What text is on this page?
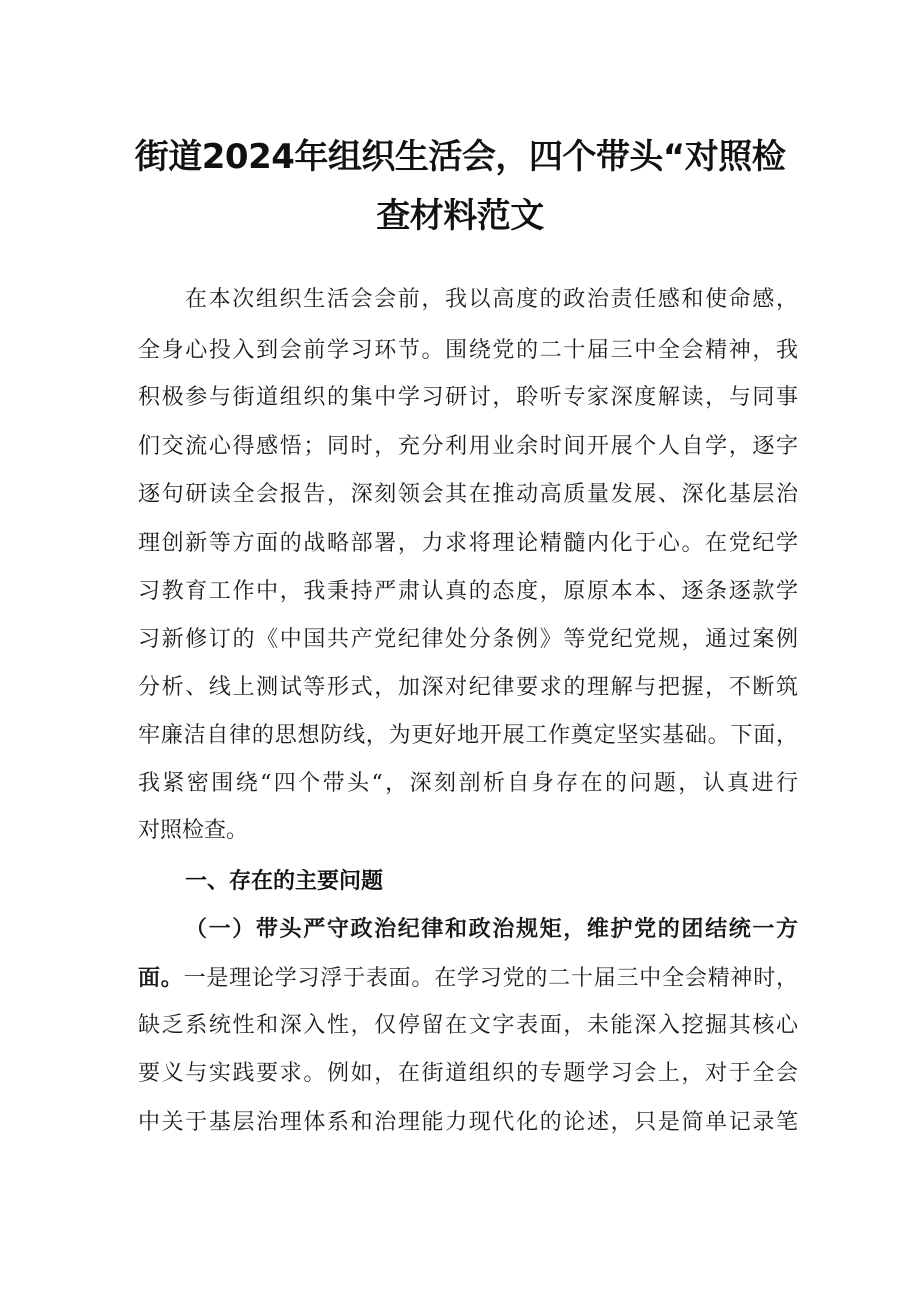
街道2024年组织生活会，四个带头“对照检
查材料范文
在本次组织生活会会前，我以高度的政治责任感和使命感，
全身心投入到会前学习环节。围绕党的二十届三中全会精神，我
积极参与街道组织的集中学习研讨，聆听专家深度解读，与同事
们交流心得感悟；同时，充分利用业余时间开展个人自学，逐字
逐句研读全会报告，深刻领会其在推动高质量发展、深化基层治
理创新等方面的战略部署，力求将理论精髓内化于心。在党纪学
习教育工作中，我秉持严肃认真的态度，原原本本、逐条逐款学
习新修订的《中国共产党纪律处分条例》等党纪党规，通过案例
分析、线上测试等形式，加深对纪律要求的理解与把握，不断筑
牢廉洁自律的思想防线，为更好地开展工作奠定坚实基础。下面，
我紧密围绕“四个带头“，深刻剖析自身存在的问题，认真进行
对照检查。
一、存在的主要问题
（一）带头严守政治纪律和政治规矩，维护党的团结统一方
面。一是理论学习浮于表面。在学习党的二十届三中全会精神时，
缺乏系统性和深入性，仅停留在文字表面，未能深入挖掘其核心
要义与实践要求。例如，在街道组织的专题学习会上，对于全会
中关于基层治理体系和治理能力现代化的论述，只是简单记录笔
